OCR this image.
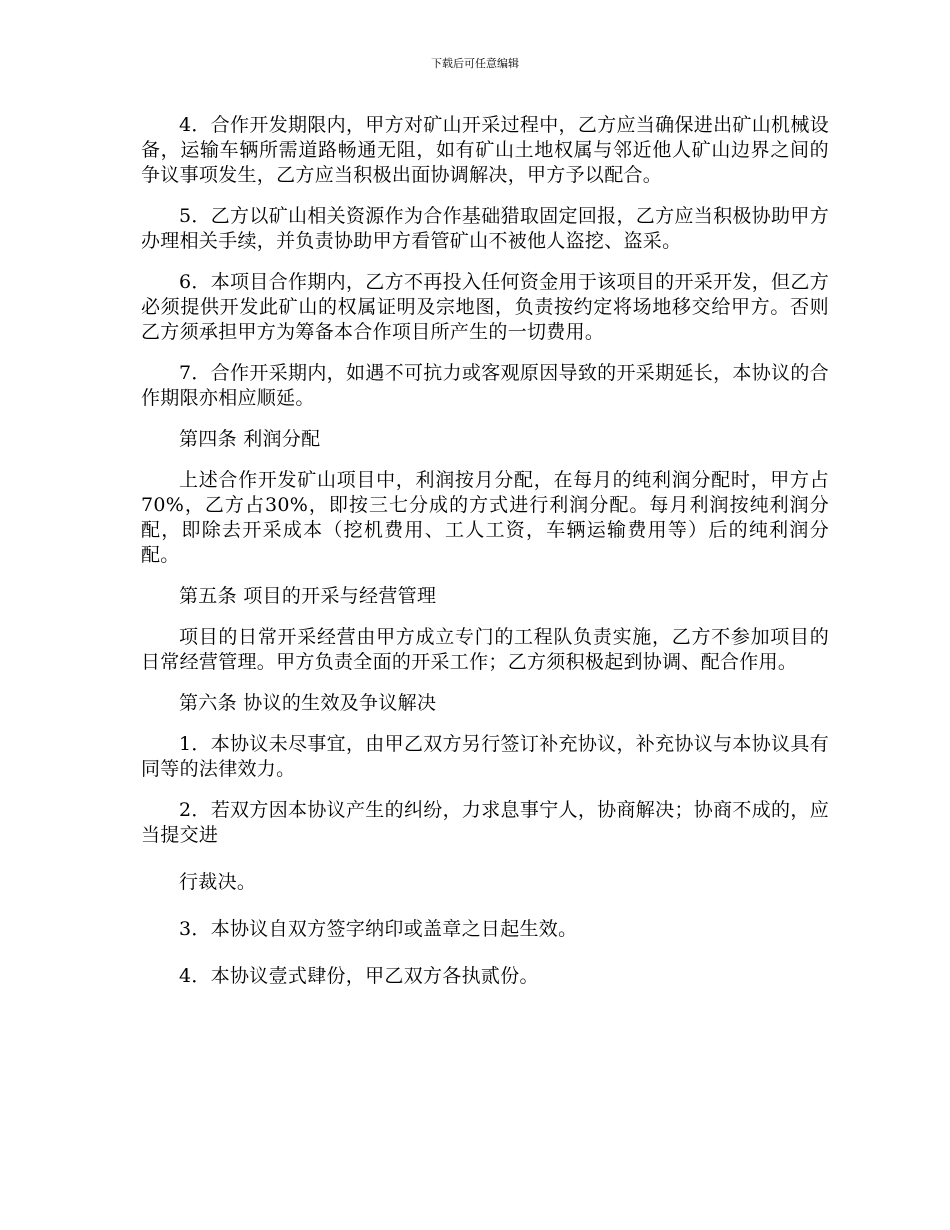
下载后可任意编辑

4．合作开发期限内，甲方对矿山开采过程中，乙方应当确保进出矿山机械设备，运输车辆所需道路畅通无阻，如有矿山土地权属与邻近他人矿山边界之间的争议事项发生，乙方应当积极出面协调解决，甲方予以配合。

5．乙方以矿山相关资源作为合作基础猎取固定回报，乙方应当积极协助甲方办理相关手续，并负责协助甲方看管矿山不被他人盗挖、盗采。

6．本项目合作期内，乙方不再投入任何资金用于该项目的开采开发，但乙方必须提供开发此矿山的权属证明及宗地图，负责按约定将场地移交给甲方。否则乙方须承担甲方为筹备本合作项目所产生的一切费用。

7．合作开采期内，如遇不可抗力或客观原因导致的开采期延长，本协议的合作期限亦相应顺延。

第四条 利润分配

上述合作开发矿山项目中，利润按月分配，在每月的纯利润分配时，甲方占70%，乙方占30%，即按三七分成的方式进行利润分配。每月利润按纯利润分配，即除去开采成本（挖机费用、工人工资，车辆运输费用等）后的纯利润分配。

第五条 项目的开采与经营管理

项目的日常开采经营由甲方成立专门的工程队负责实施，乙方不参加项目的日常经营管理。甲方负责全面的开采工作；乙方须积极起到协调、配合作用。

第六条 协议的生效及争议解决

1．本协议未尽事宜，由甲乙双方另行签订补充协议，补充协议与本协议具有同等的法律效力。

2．若双方因本协议产生的纠纷，力求息事宁人，协商解决；协商不成的，应当提交进

行裁决。

3．本协议自双方签字纳印或盖章之日起生效。

4．本协议壹式肆份，甲乙双方各执贰份。
